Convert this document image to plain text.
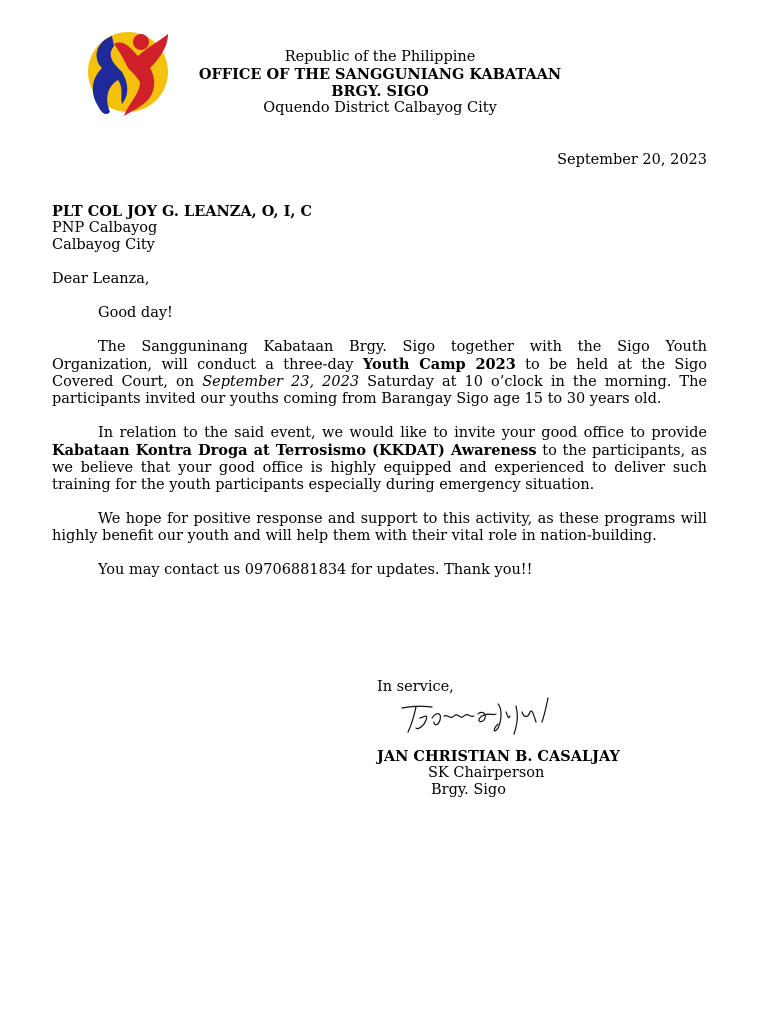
Republic of the Philippine
OFFICE OF THE SANGGUNIANG KABATAAN
BRGY. SIGO
Oquendo District Calbayog City
September 20, 2023
PLT COL JOY G. LEANZA, O, I, C
PNP Calbayog
Calbayog City
Dear Leanza,

Good day!

The Sangguninang Kabataan Brgy. Sigo together with the Sigo Youth Organization, will conduct a three-day Youth Camp 2023 to be held at the Sigo Covered Court, on September 23, 2023 Saturday at 10 o’clock in the morning. The participants invited our youths coming from Barangay Sigo age 15 to 30 years old.

In relation to the said event, we would like to invite your good office to provide Kabataan Kontra Droga at Terrosismo (KKDAT) Awareness to the participants, as we believe that your good office is highly equipped and experienced to deliver such training for the youth participants especially during emergency situation.

We hope for positive response and support to this activity, as these programs will highly benefit our youth and will help them with their vital role in nation-building.

You may contact us 09706881834 for updates. Thank you!!

In service,
JAN CHRISTIAN B. CASALJAY
SK Chairperson
Brgy. Sigo
